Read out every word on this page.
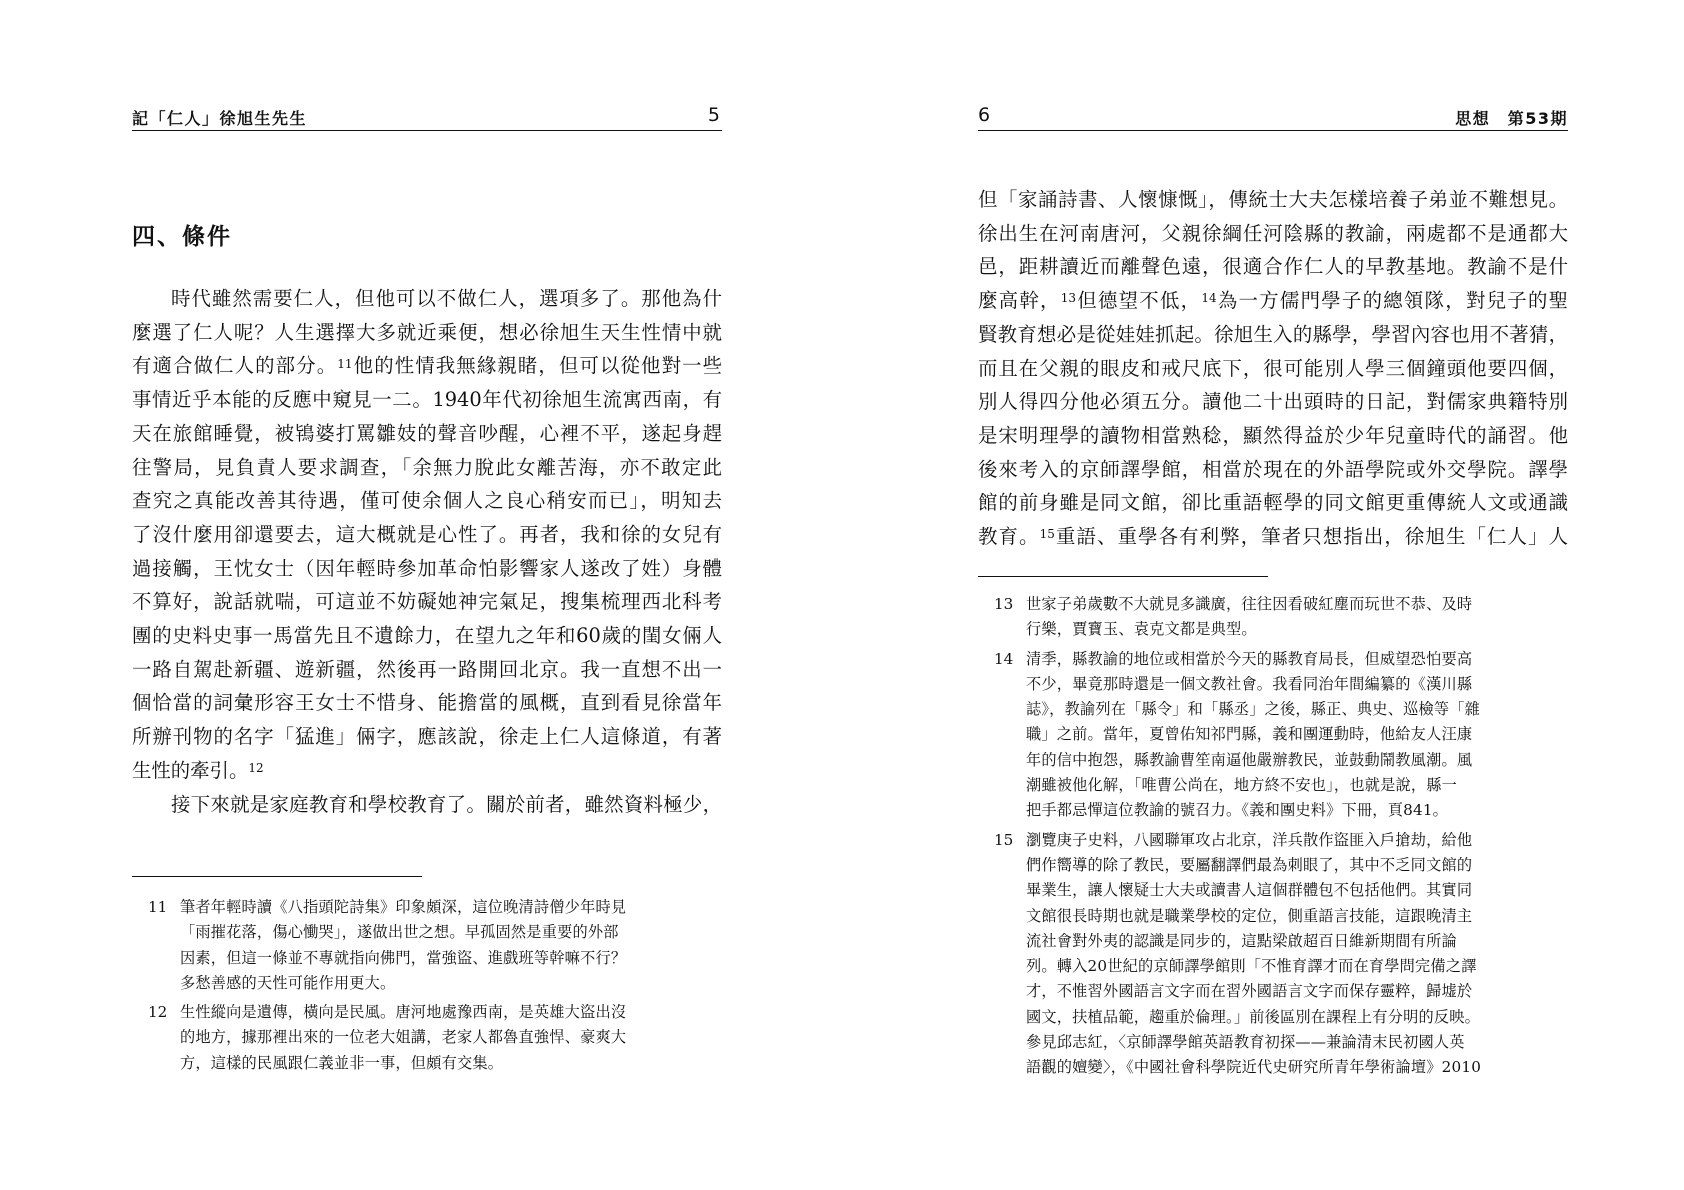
記「仁人」徐旭生先生	5
四、條件

時代雖然需要仁人，但他可以不做仁人，選項多了。那他為什
麼選了仁人呢？人生選擇大多就近乘便，想必徐旭生天生性情中就
有適合做仁人的部分。$^{11}$他的性情我無緣親睹，但可以從他對一些
事情近乎本能的反應中窺見一二。1940年代初徐旭生流寓西南，有
天在旅館睡覺，被鴇婆打罵雛妓的聲音吵醒，心裡不平，遂起身趕
往警局，見負責人要求調查，「余無力脫此女離苦海，亦不敢定此
查究之真能改善其待遇，僅可使余個人之良心稍安而已」，明知去
了沒什麼用卻還要去，這大概就是心性了。再者，我和徐的女兒有
過接觸，王忱女士（因年輕時參加革命怕影響家人遂改了姓）身體
不算好，說話就喘，可這並不妨礙她神完氣足，搜集梳理西北科考
團的史料史事一馬當先且不遺餘力，在望九之年和60歲的閨女倆人
一路自駕赴新疆、遊新疆，然後再一路開回北京。我一直想不出一
個恰當的詞彙形容王女士不惜身、能擔當的風概，直到看見徐當年
所辦刊物的名字「猛進」倆字，應該說，徐走上仁人這條道，有著
生性的牽引。$^{12}$

接下來就是家庭教育和學校教育了。關於前者，雖然資料極少，

11 筆者年輕時讀《八指頭陀詩集》印象頗深，這位晚清詩僧少年時見
「雨摧花落，傷心慟哭」，遂做出世之想。早孤固然是重要的外部
因素，但這一條並不專就指向佛門，當強盜、進戲班等幹嘛不行？
多愁善感的天性可能作用更大。
12 生性縱向是遺傳，橫向是民風。唐河地處豫西南，是英雄大盜出沒
的地方，據那裡出來的一位老大姐講，老家人都魯直強悍、豪爽大
方，這樣的民風跟仁義並非一事，但頗有交集。
6	思想　第53期

但「家誦詩書、人懷慷慨」，傳統士大夫怎樣培養子弟並不難想見。
徐出生在河南唐河，父親徐綱任河陰縣的教諭，兩處都不是通都大
邑，距耕讀近而離聲色遠，很適合作仁人的早教基地。教諭不是什
麼高幹，$^{13}$但德望不低，$^{14}$為一方儒門學子的總領隊，對兒子的聖
賢教育想必是從娃娃抓起。徐旭生入的縣學，學習內容也用不著猜，
而且在父親的眼皮和戒尺底下，很可能別人學三個鐘頭他要四個，
別人得四分他必須五分。讀他二十出頭時的日記，對儒家典籍特別
是宋明理學的讀物相當熟稔，顯然得益於少年兒童時代的誦習。他
後來考入的京師譯學館，相當於現在的外語學院或外交學院。譯學
館的前身雖是同文館，卻比重語輕學的同文館更重傳統人文或通識
教育。$^{15}$重語、重學各有利弊，筆者只想指出，徐旭生「仁人」人

13 世家子弟歲數不大就見多識廣，往往因看破紅塵而玩世不恭、及時
行樂，賈寶玉、袁克文都是典型。
14 清季，縣教諭的地位或相當於今天的縣教育局長，但威望恐怕要高
不少，畢竟那時還是一個文教社會。我看同治年間編纂的《漢川縣
誌》，教諭列在「縣令」和「縣丞」之後，縣正、典史、巡檢等「雜
職」之前。當年，夏曾佑知祁門縣，義和團運動時，他給友人汪康
年的信中抱怨，縣教諭曹笙南逼他嚴辦教民，並鼓動鬧教風潮。風
潮雖被他化解，「唯曹公尚在，地方終不安也」，也就是說，縣一
把手都忌憚這位教諭的號召力。《義和團史料》下冊，頁841。
15 瀏覽庚子史料，八國聯軍攻占北京，洋兵散作盜匪入戶搶劫，給他
們作嚮導的除了教民，要屬翻譯們最為刺眼了，其中不乏同文館的
畢業生，讓人懷疑士大夫或讀書人這個群體包不包括他們。其實同
文館很長時期也就是職業學校的定位，側重語言技能，這跟晚清主
流社會對外夷的認識是同步的，這點梁啟超百日維新期間有所論
列。轉入20世紀的京師譯學館則「不惟育譯才而在育學問完備之譯
才，不惟習外國語言文字而在習外國語言文字而保存靈粹，歸墟於
國文，扶植品範，趨重於倫理。」前後區別在課程上有分明的反映。
參見邱志紅，〈京師譯學館英語教育初探——兼論清末民初國人英
語觀的嬗變〉，《中國社會科學院近代史研究所青年學術論壇》2010
